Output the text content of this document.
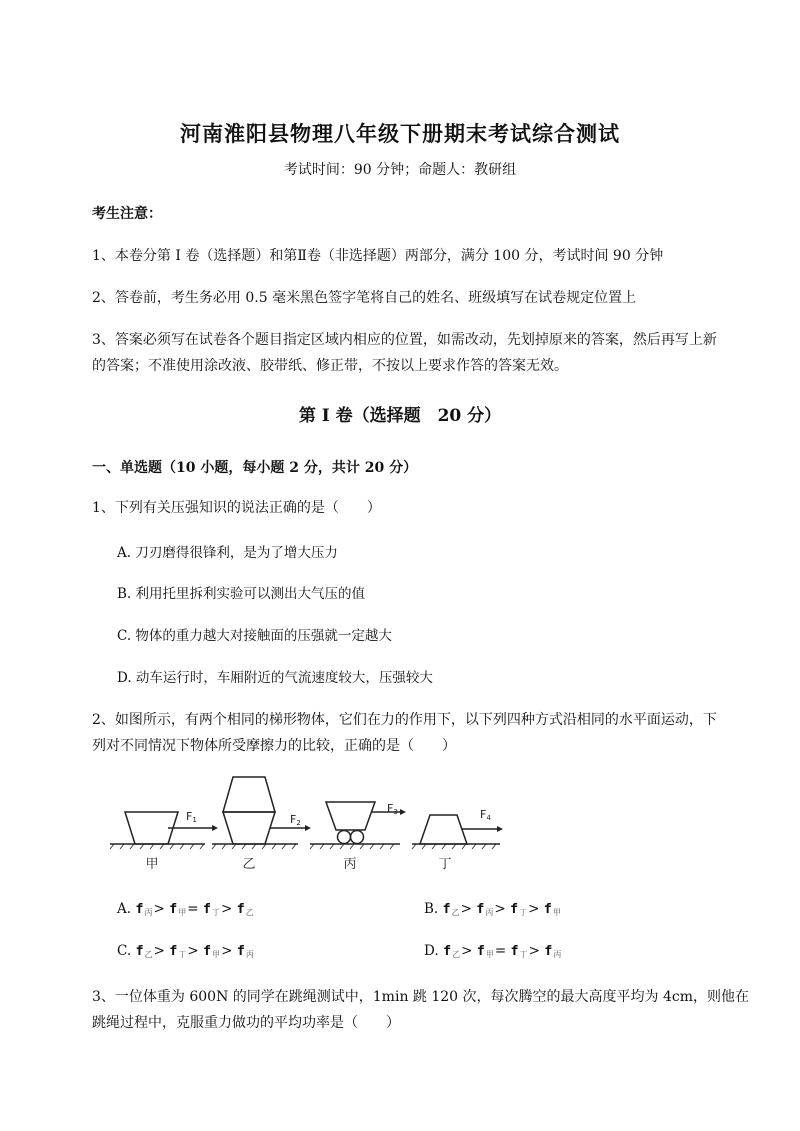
河南淮阳县物理八年级下册期末考试综合测试
考试时间：90 分钟；命题人：教研组
考生注意：
1、本卷分第 I 卷（选择题）和第Ⅱ卷（非选择题）两部分，满分 100 分，考试时间 90 分钟
2、答卷前，考生务必用 0.5 毫米黑色签字笔将自己的姓名、班级填写在试卷规定位置上
3、答案必须写在试卷各个题目指定区域内相应的位置，如需改动，先划掉原来的答案，然后再写上新
的答案；不准使用涂改液、胶带纸、修正带，不按以上要求作答的答案无效。
第 I 卷（选择题　20 分）
一、单选题（10 小题，每小题 2 分，共计 20 分）
1、下列有关压强知识的说法正确的是（　　）
A. 刀刃磨得很锋利，是为了增大压力
B. 利用托里拆利实验可以测出大气压的值
C. 物体的重力越大对接触面的压强就一定越大
D. 动车运行时，车厢附近的气流速度较大，压强较大
2、如图所示，有两个相同的梯形物体，它们在力的作用下，以下列四种方式沿相同的水平面运动，下
列对不同情况下物体所受摩擦力的比较，正确的是（　　）
F1	F2
F3	F4
甲	乙	丙	丁
A. $f_丙> f_甲= f_丁> f_乙$	B. $f_乙> f_丙> f_丁> f_甲$
C. $f_乙> f_丁> f_甲> f_丙$	D. $f_乙> f_甲= f_丁> f_丙$
3、一位体重为 600N 的同学在跳绳测试中，1min 跳 120 次，每次腾空的最大高度平均为 4cm，则他在
跳绳过程中，克服重力做功的平均功率是（　　）
